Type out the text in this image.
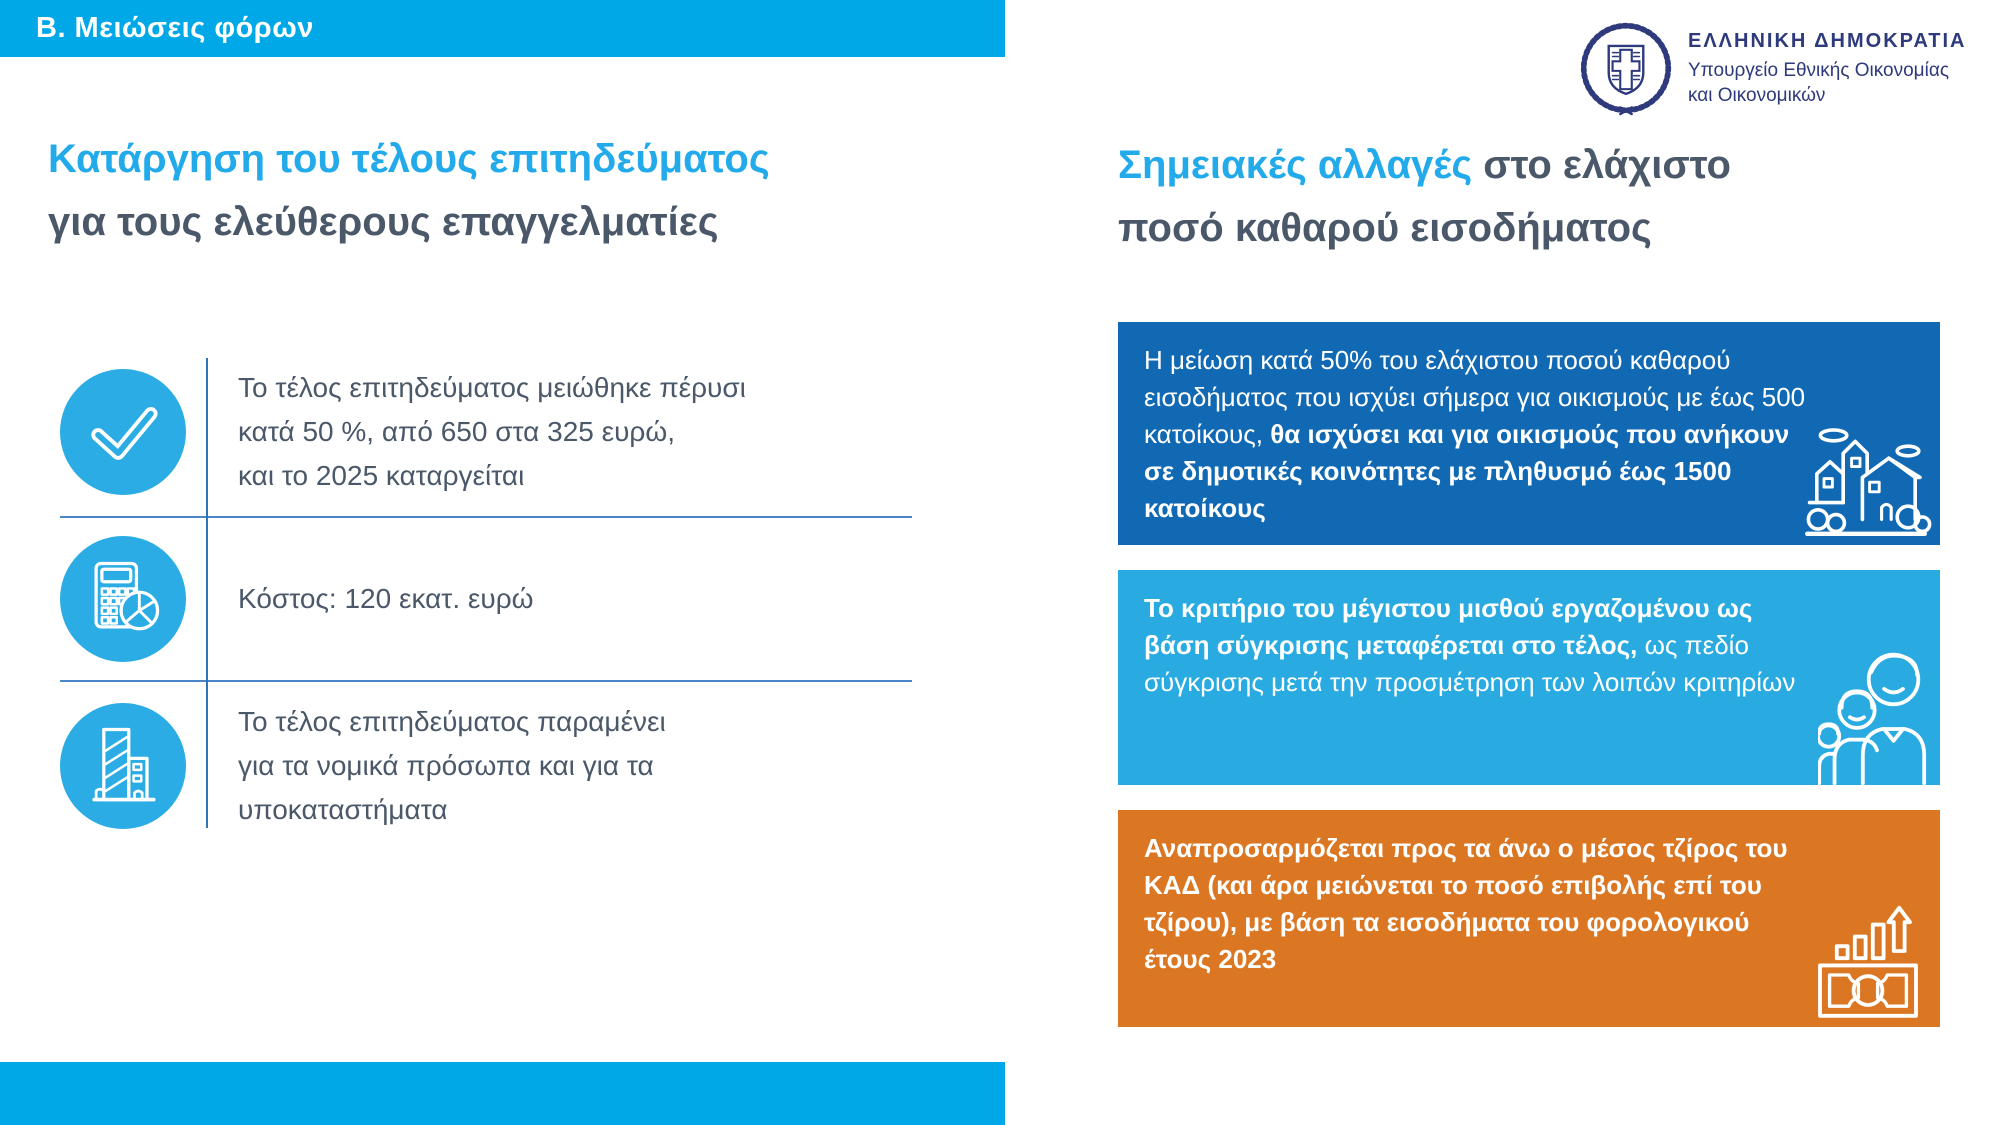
Β. Μειώσεις φόρων	ΕΛΛΗΝΙΚΗ ΔΗΜΟΚΡΑΤΙΑ
Υπουργείο Εθνικής Οικονομίας
και Οικονομικών
Κατάργηση του τέλους επιτηδεύματος
για τους ελεύθερους επαγγελματίες
Σημειακές αλλαγές στο ελάχιστο
ποσό καθαρού εισοδήματος
Το τέλος επιτηδεύματος μειώθηκε πέρυσι
κατά 50 %, από 650 στα 325 ευρώ,
και το 2025 καταργείται
Κόστος: 120 εκατ. ευρώ
Το τέλος επιτηδεύματος παραμένει
για τα νομικά πρόσωπα και για τα
υποκαταστήματα
Η μείωση κατά 50% του ελάχιστου ποσού καθαρού εισοδήματος που ισχύει σήμερα για οικισμούς με έως 500 κατοίκους, θα ισχύσει και για οικισμούς που ανήκουν σε δημοτικές κοινότητες με πληθυσμό έως 1500 κατοίκους
Το κριτήριο του μέγιστου μισθού εργαζομένου ως βάση σύγκρισης μεταφέρεται στο τέλος, ως πεδίο σύγκρισης μετά την προσμέτρηση των λοιπών κριτηρίων
Αναπροσαρμόζεται προς τα άνω ο μέσος τζίρος του ΚΑΔ (και άρα μειώνεται το ποσό επιβολής επί του τζίρου), με βάση τα εισοδήματα του φορολογικού έτους 2023
